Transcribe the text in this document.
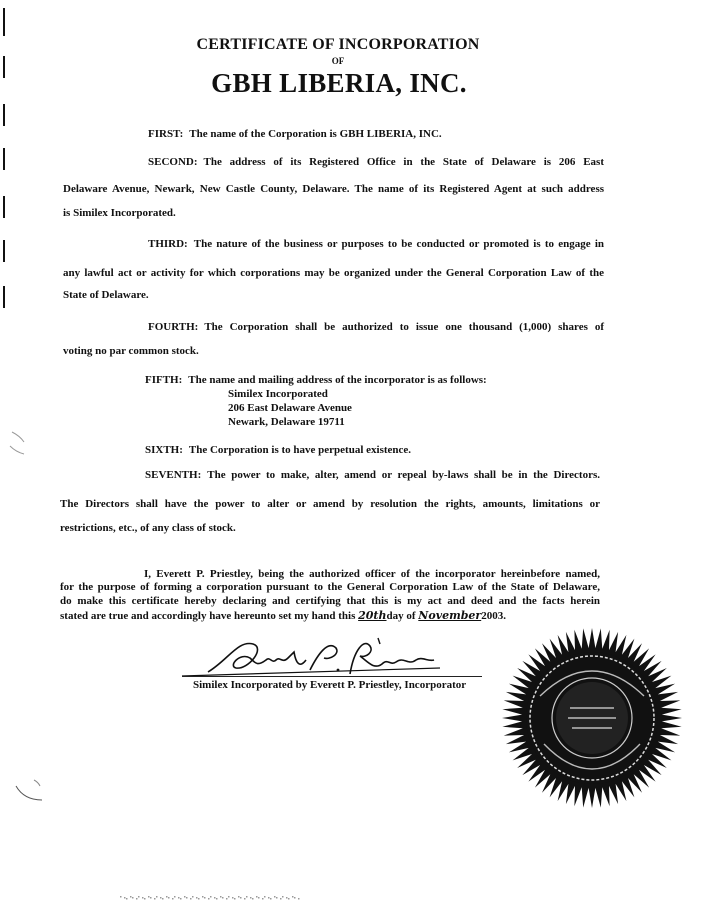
CERTIFICATE OF INCORPORATION
OF
GBH LIBERIA, INC.
FIRST: The name of the Corporation is GBH LIBERIA, INC.
SECOND: The address of its Registered Office in the State of Delaware is 206 East
Delaware Avenue, Newark, New Castle County, Delaware. The name of its Registered Agent at such address
is Similex Incorporated.
THIRD: The nature of the business or purposes to be conducted or promoted is to engage in
any lawful act or activity for which corporations may be organized under the General Corporation Law of the
State of Delaware.
FOURTH: The Corporation shall be authorized to issue one thousand (1,000) shares of
voting no par common stock.
FIFTH: The name and mailing address of the incorporator is as follows:
Similex Incorporated
206 East Delaware Avenue
Newark, Delaware 19711
SIXTH: The Corporation is to have perpetual existence.
SEVENTH: The power to make, alter, amend or repeal by-laws shall be in the Directors.
The Directors shall have the power to alter or amend by resolution the rights, amounts, limitations or
restrictions, etc., of any class of stock.
I, Everett P. Priestley, being the authorized officer of the incorporator hereinbefore named,
for the purpose of forming a corporation pursuant to the General Corporation Law of the State of Delaware,
do make this certificate hereby declaring and certifying that this is my act and deed and the facts herein
stated are true and accordingly have hereunto set my hand this 20thday of November2003.
Similex Incorporated by Everett P. Priestley, Incorporator
